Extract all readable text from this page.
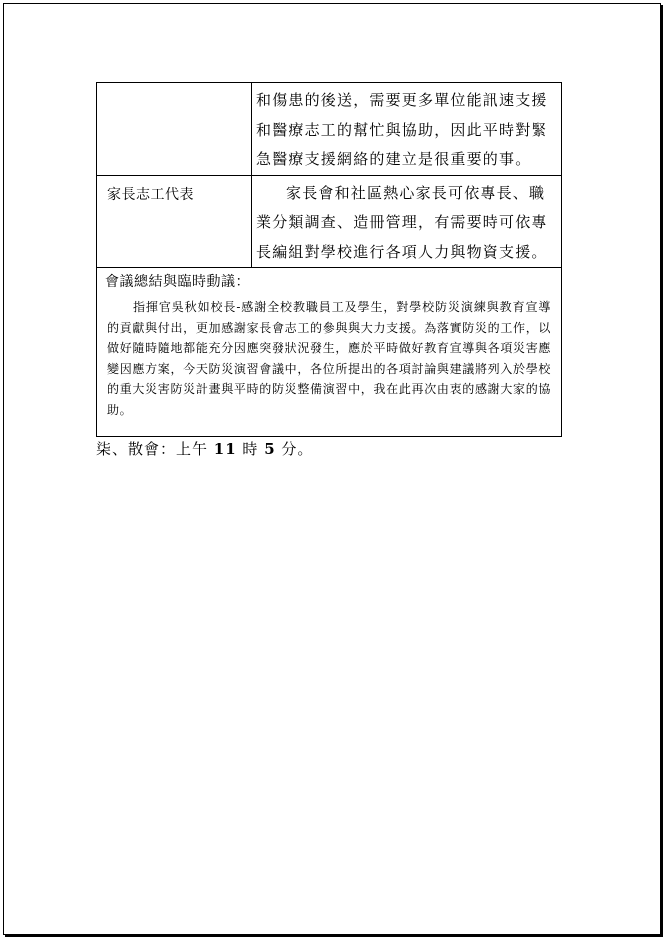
	和傷患的後送，需要更多單位能訊速支援和醫療志工的幫忙與協助，因此平時對緊急醫療支援網絡的建立是很重要的事。

家長志工代表	家長會和社區熱心家長可依專長、職業分類調查、造冊管理，有需要時可依專長編組對學校進行各項人力與物資支援。

會議總結與臨時動議：
指揮官吳秋如校長-感謝全校教職員工及學生，對學校防災演練與教育宣導的貢獻與付出，更加感謝家長會志工的參與與大力支援。為落實防災的工作，以做好隨時隨地都能充分因應突發狀況發生，應於平時做好教育宣導與各項災害應變因應方案，今天防災演習會議中，各位所提出的各項討論與建議將列入於學校的重大災害防災計畫與平時的防災整備演習中，我在此再次由衷的感謝大家的協助。	
柒、散會：上午 11 時 5 分。
